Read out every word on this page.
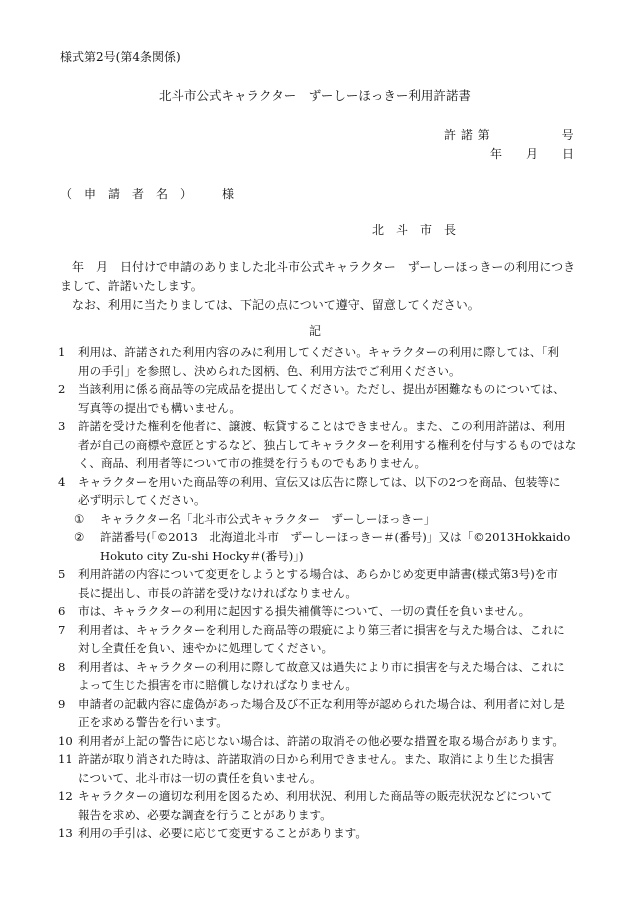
様式第2号(第4条関係)
北斗市公式キャラクター　ずーしーほっきー利用許諾書
許 諾 第　　　　　　号
年　　月　　日
（　申　請　者　名　）　　　様
北　斗　市　長
　年　月　日付けで申請のありました北斗市公式キャラクター　ずーしーほっきーの利用につき
まして、許諾いたします。
　なお、利用に当たりましては、下記の点について遵守、留意してください。
記
1	利用は、許諾された利用内容のみに利用してください。キャラクターの利用に際しては、「利
用の手引」を参照し、決められた図柄、色、利用方法でご利用ください。
2	当該利用に係る商品等の完成品を提出してください。ただし、提出が困難なものについては、
写真等の提出でも構いません。
3	許諾を受けた権利を他者に、譲渡、転貸することはできません。また、この利用許諾は、利用
者が自己の商標や意匠とするなど、独占してキャラクターを利用する権利を付与するものではな
く、商品、利用者等について市の推奨を行うものでもありません。
4	キャラクターを用いた商品等の利用、宣伝又は広告に際しては、以下の2つを商品、包装等に
必ず明示してください。
①	キャラクター名「北斗市公式キャラクター　ずーしーほっきー」
②	許諾番号(「©2013　北海道北斗市　ずーしーほっきー＃(番号)」又は「©2013Hokkaido
Hokuto city Zu-shi Hocky＃(番号)」)
5	利用許諾の内容について変更をしようとする場合は、あらかじめ変更申請書(様式第3号)を市
長に提出し、市長の許諾を受けなければなりません。
6	市は、キャラクターの利用に起因する損失補償等について、一切の責任を負いません。
7	利用者は、キャラクターを利用した商品等の瑕疵により第三者に損害を与えた場合は、これに
対し全責任を負い、速やかに処理してください。
8	利用者は、キャラクターの利用に際して故意又は過失により市に損害を与えた場合は、これに
よって生じた損害を市に賠償しなければなりません。
9	申請者の記載内容に虚偽があった場合及び不正な利用等が認められた場合は、利用者に対し是
正を求める警告を行います。
10 利用者が上記の警告に応じない場合は、許諾の取消その他必要な措置を取る場合があります。
11 許諾が取り消された時は、許諾取消の日から利用できません。また、取消により生じた損害
について、北斗市は一切の責任を負いません。
12 キャラクターの適切な利用を図るため、利用状況、利用した商品等の販売状況などについて
報告を求め、必要な調査を行うことがあります。
13 利用の手引は、必要に応じて変更することがあります。
